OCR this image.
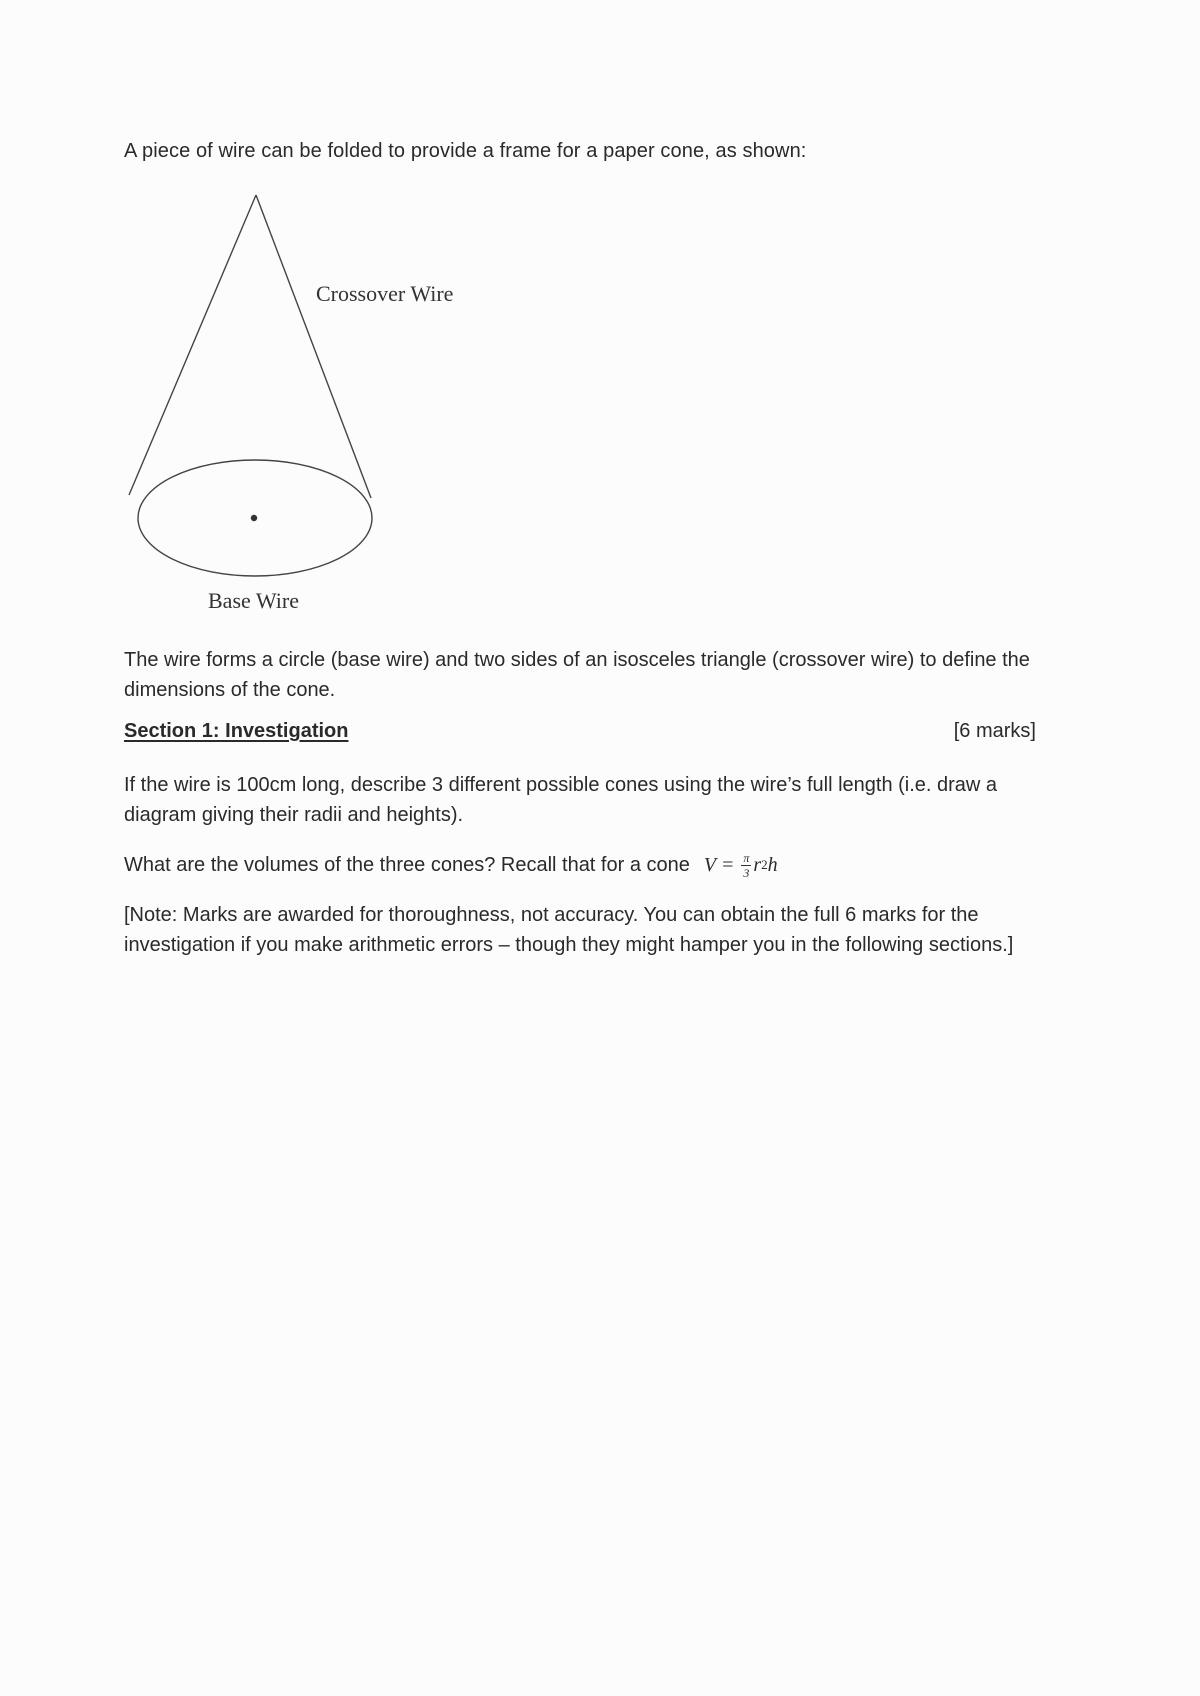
A piece of wire can be folded to provide a frame for a paper cone, as shown:
Crossover Wire
Base Wire
The wire forms a circle (base wire) and two sides of an isosceles triangle (crossover wire) to define the dimensions of the cone.
Section 1: Investigation	[6 marks]
If the wire is 100cm long, describe 3 different possible cones using the wire’s full length (i.e. draw a diagram giving their radii and heights).
What are the volumes of the three cones? Recall that for a cone $V = \frac{\pi}{3}$ r 2 h
[Note: Marks are awarded for thoroughness, not accuracy. You can obtain the full 6 marks for the investigation if you make arithmetic errors – though they might hamper you in the following sections.]
